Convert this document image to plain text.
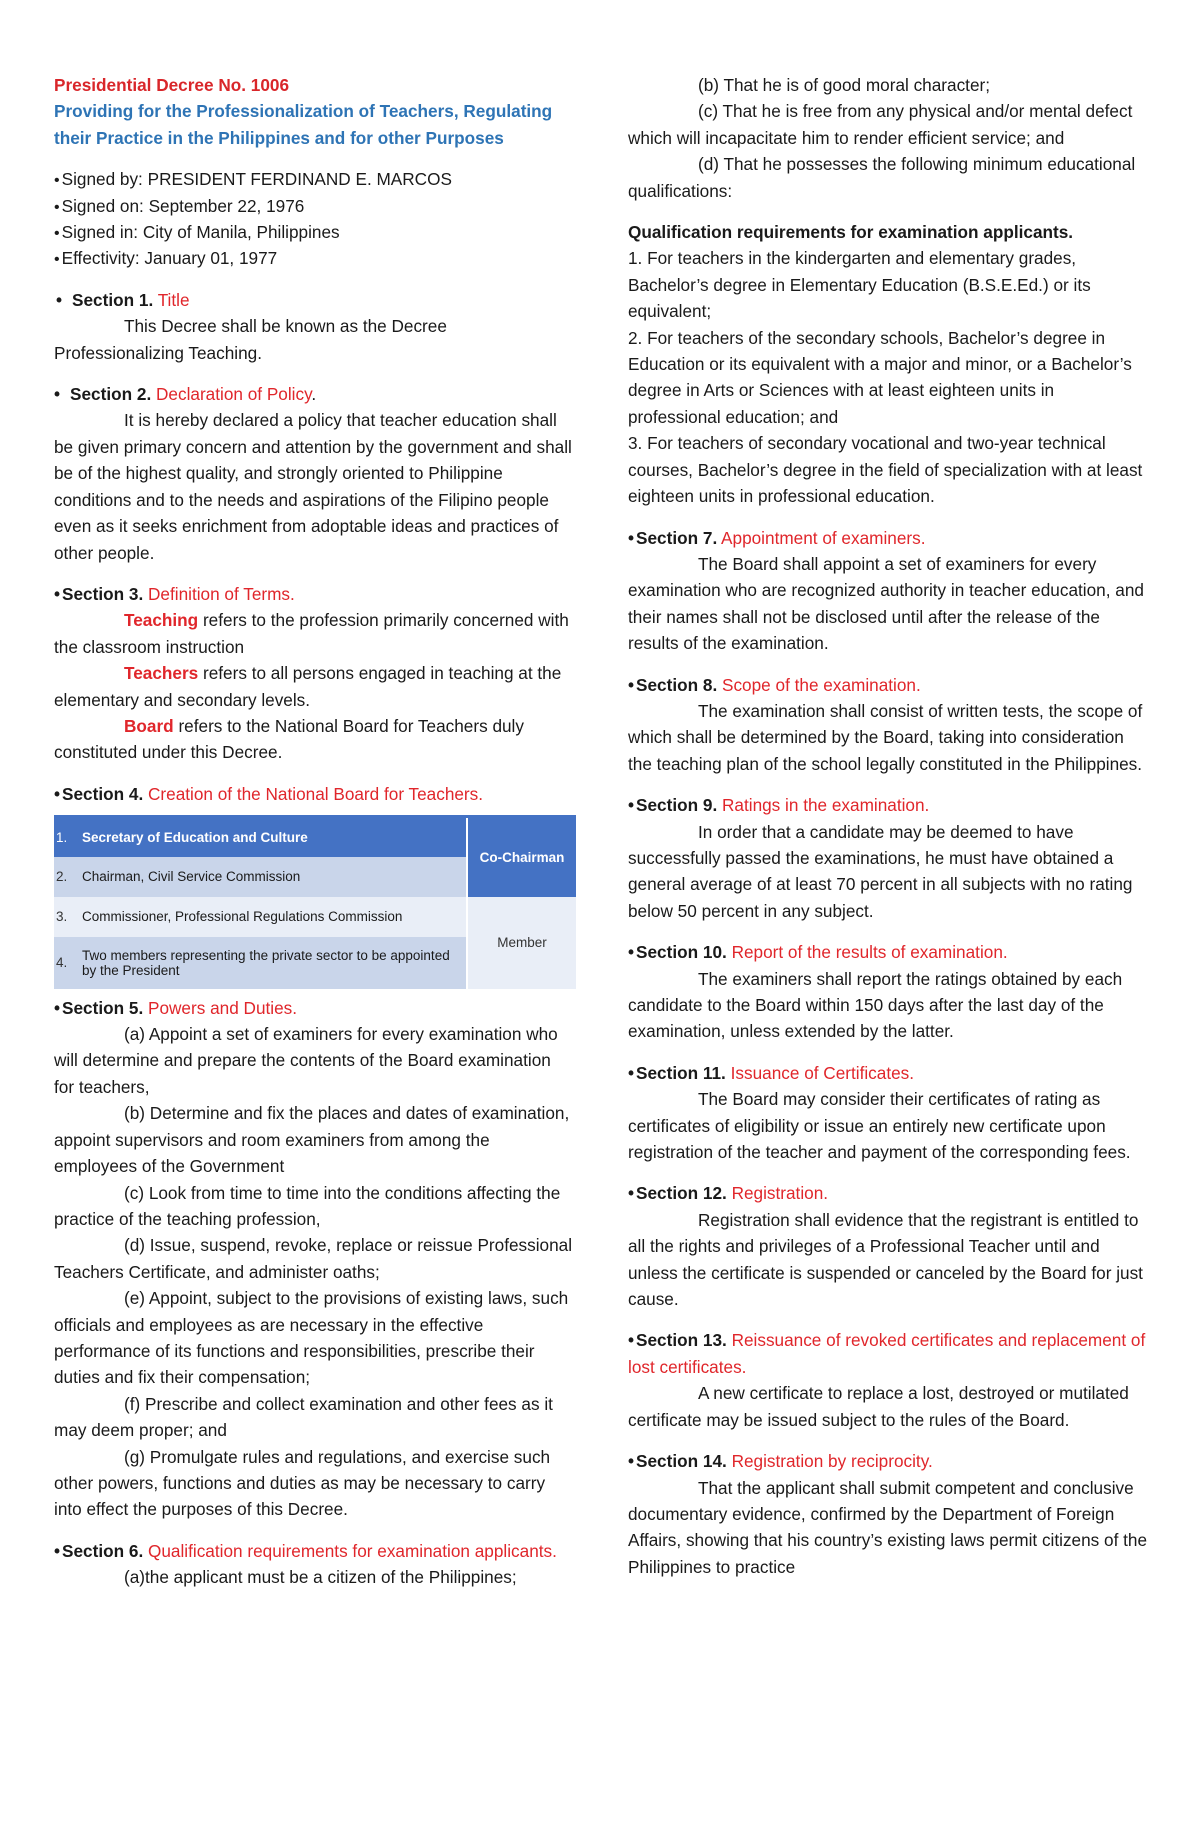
Presidential Decree No. 1006
Providing for the Professionalization of Teachers, Regulating their Practice in the Philippines and for other Purposes
•

Signed by: PRESIDENT FERDINAND E. MARCOS

•

Signed on: September 22, 1976

•

Signed in: City of Manila, Philippines

•

Effectivity: January 01, 1977

• Section 1. Title

This Decree shall be known as the Decree Professionalizing Teaching.

• Section 2. Declaration of Policy.

It is hereby declared a policy that teacher education shall be given primary concern and attention by the government and shall be of the highest quality, and strongly oriented to Philippine conditions and to the needs and aspirations of the Filipino people even as it seeks enrichment from adoptable ideas and practices of other people.

• Section 3. Definition of Terms.

Teaching refers to the profession primarily concerned with the classroom instruction

Teachers refers to all persons engaged in teaching at the elementary and secondary levels.

Board refers to the National Board for Teachers duly constituted under this Decree.

• Section 4. Creation of the National Board for Teachers.

1.	Secretary of Education and Culture	Co-Chairman
2.	Chairman, Civil Service Commission	
3.	Commissioner, Professional Regulations Commission	Member
4.	Two members representing the private sector to be appointed by the President	

• Section 5. Powers and Duties.

(a) Appoint a set of examiners for every examination who will determine and prepare the contents of the Board examination for teachers,

(b) Determine and fix the places and dates of examination, appoint supervisors and room examiners from among the employees of the Government

(c) Look from time to time into the conditions affecting the practice of the teaching profession,

(d) Issue, suspend, revoke, replace or reissue Professional Teachers Certificate, and administer oaths;

(e) Appoint, subject to the provisions of existing laws, such officials and employees as are necessary in the effective performance of its functions and responsibilities, prescribe their duties and fix their compensation;

(f) Prescribe and collect examination and other fees as it may deem proper; and

(g) Promulgate rules and regulations, and exercise such other powers, functions and duties as may be necessary to carry into effect the purposes of this Decree.

• Section 6. Qualification requirements for examination applicants.

(a)the applicant must be a citizen of the Philippines;

(b) That he is of good moral character;

(c) That he is free from any physical and/or mental defect which will incapacitate him to render efficient service; and

(d) That he possesses the following minimum educational qualifications:

Qualification requirements for examination applicants.

1. For teachers in the kindergarten and elementary grades, Bachelor’s degree in Elementary Education (B.S.E.Ed.) or its equivalent;

2. For teachers of the secondary schools, Bachelor’s degree in Education or its equivalent with a major and minor, or a Bachelor’s degree in Arts or Sciences with at least eighteen units in professional education; and

3. For teachers of secondary vocational and two-year technical courses, Bachelor’s degree in the field of specialization with at least eighteen units in professional education.

• Section 7. Appointment of examiners.

The Board shall appoint a set of examiners for every examination who are recognized authority in teacher education, and their names shall not be disclosed until after the release of the results of the examination.

• Section 8. Scope of the examination.

The examination shall consist of written tests, the scope of which shall be determined by the Board, taking into consideration the teaching plan of the school legally constituted in the Philippines.

• Section 9. Ratings in the examination.

In order that a candidate may be deemed to have successfully passed the examinations, he must have obtained a general average of at least 70 percent in all subjects with no rating below 50 percent in any subject.

• Section 10. Report of the results of examination.

The examiners shall report the ratings obtained by each candidate to the Board within 150 days after the last day of the examination, unless extended by the latter.

• Section 11. Issuance of Certificates.

The Board may consider their certificates of rating as certificates of eligibility or issue an entirely new certificate upon registration of the teacher and payment of the corresponding fees.

• Section 12. Registration.

Registration shall evidence that the registrant is entitled to all the rights and privileges of a Professional Teacher until and unless the certificate is suspended or canceled by the Board for just cause.

• Section 13. Reissuance of revoked certificates and replacement of lost certificates.

A new certificate to replace a lost, destroyed or mutilated certificate may be issued subject to the rules of the Board.

• Section 14. Registration by reciprocity.

That the applicant shall submit competent and conclusive documentary evidence, confirmed by the Department of Foreign Affairs, showing that his country’s existing laws permit citizens of the Philippines to practice
